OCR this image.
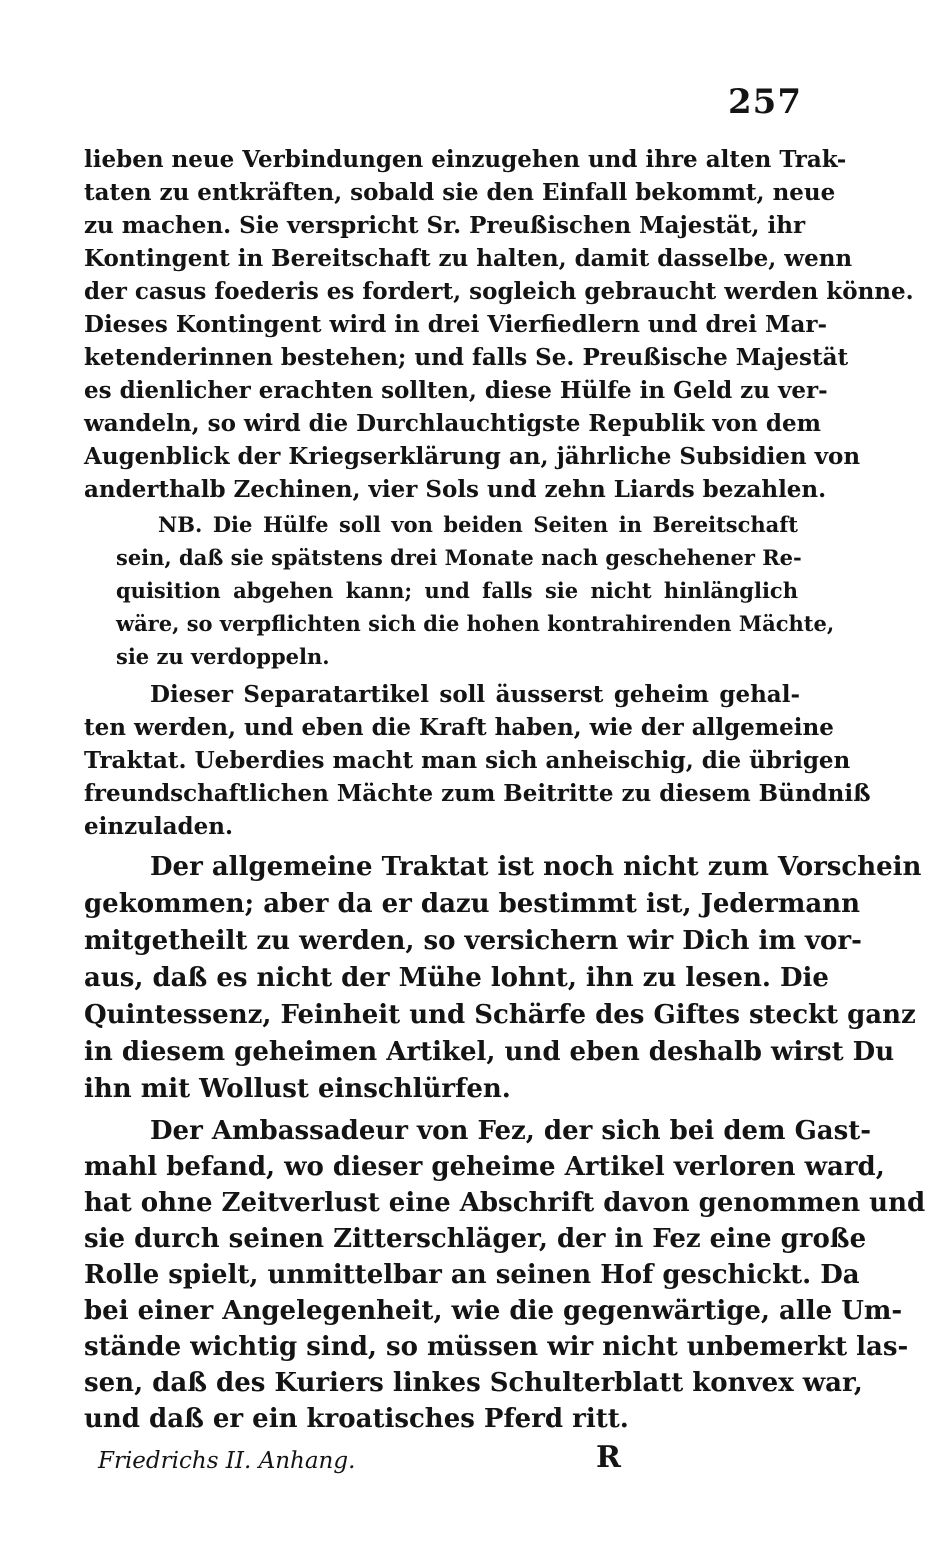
257
lieben neue Verbindungen einzugehen und ihre alten Trak-
taten zu entkräften, sobald sie den Einfall bekommt, neue
zu machen. Sie verspricht Sr. Preußischen Majestät, ihr
Kontingent in Bereitschaft zu halten, damit dasselbe, wenn
der casus foederis es fordert, sogleich gebraucht werden könne.
Dieses Kontingent wird in drei Vierfiedlern und drei Mar-
ketenderinnen bestehen; und falls Se. Preußische Majestät
es dienlicher erachten sollten, diese Hülfe in Geld zu ver-
wandeln, so wird die Durchlauchtigste Republik von dem
Augenblick der Kriegserklärung an, jährliche Subsidien von
anderthalb Zechinen, vier Sols und zehn Liards bezahlen.
NB. Die Hülfe soll von beiden Seiten in Bereitschaft
sein, daß sie spätstens drei Monate nach geschehener Re-
quisition abgehen kann; und falls sie nicht hinlänglich
wäre, so verpflichten sich die hohen kontrahirenden Mächte,
sie zu verdoppeln.
Dieser Separatartikel soll äusserst geheim gehal-
ten werden, und eben die Kraft haben, wie der allgemeine
Traktat. Ueberdies macht man sich anheischig, die übrigen
freundschaftlichen Mächte zum Beitritte zu diesem Bündniß
einzuladen.
Der allgemeine Traktat ist noch nicht zum Vorschein
gekommen; aber da er dazu bestimmt ist, Jedermann
mitgetheilt zu werden, so versichern wir Dich im vor-
aus, daß es nicht der Mühe lohnt, ihn zu lesen. Die
Quintessenz, Feinheit und Schärfe des Giftes steckt ganz
in diesem geheimen Artikel, und eben deshalb wirst Du
ihn mit Wollust einschlürfen.
Der Ambassadeur von Fez, der sich bei dem Gast-
mahl befand, wo dieser geheime Artikel verloren ward,
hat ohne Zeitverlust eine Abschrift davon genommen und
sie durch seinen Zitterschläger, der in Fez eine große
Rolle spielt, unmittelbar an seinen Hof geschickt. Da
bei einer Angelegenheit, wie die gegenwärtige, alle Um-
stände wichtig sind, so müssen wir nicht unbemerkt las-
sen, daß des Kuriers linkes Schulterblatt konvex war,
und daß er ein kroatisches Pferd ritt.
Friedrichs II. Anhang.	R
